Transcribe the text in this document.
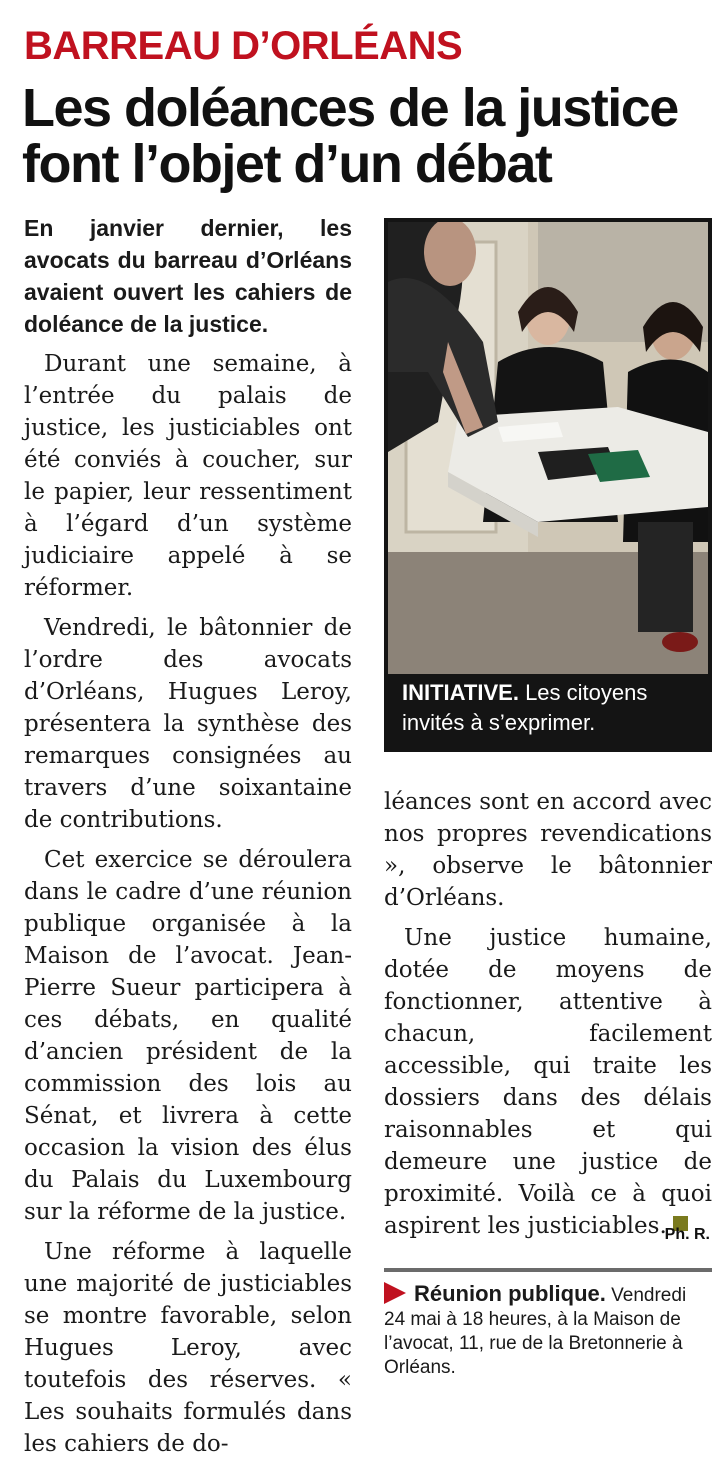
BARREAU D’ORLÉANS
Les doléances de la justice
font l’objet d’un débat

En janvier dernier, les avocats du barreau d’Orléans avaient ouvert les cahiers de doléance de la justice.

Durant une semaine, à l’entrée du palais de justice, les justiciables ont été conviés à coucher, sur le papier, leur ressentiment à l’égard d’un système judiciaire appelé à se réformer.

Vendredi, le bâtonnier de l’ordre des avocats d’Orléans, Hugues Leroy, présentera la synthèse des remarques consignées au travers d’une soixantaine de contributions.

Cet exercice se déroulera dans le cadre d’une réunion publique organisée à la Maison de l’avocat. Jean-Pierre Sueur participera à ces débats, en qualité d’ancien président de la commission des lois au Sénat, et livrera à cette occasion la vision des élus du Palais du Luxembourg sur la réforme de la justice.

Une réforme à laquelle une majorité de justiciables se montre favorable, selon Hugues Leroy, avec toutefois des réserves. « Les souhaits formulés dans les cahiers de do-

INITIATIVE. Les citoyens invités à s’exprimer.

léances sont en accord avec nos propres revendications », observe le bâtonnier d’Orléans.

Une justice humaine, dotée de moyens de fonctionner, attentive à chacun, facilement accessible, qui traite les dossiers dans des délais raisonnables et qui demeure une justice de proximité. Voilà ce à quoi aspirent les justiciables.

Ph. R.
Réunion publique. Vendredi 24 mai à 18 heures, à la Maison de l’avocat, 11, rue de la Bretonnerie à Orléans.
